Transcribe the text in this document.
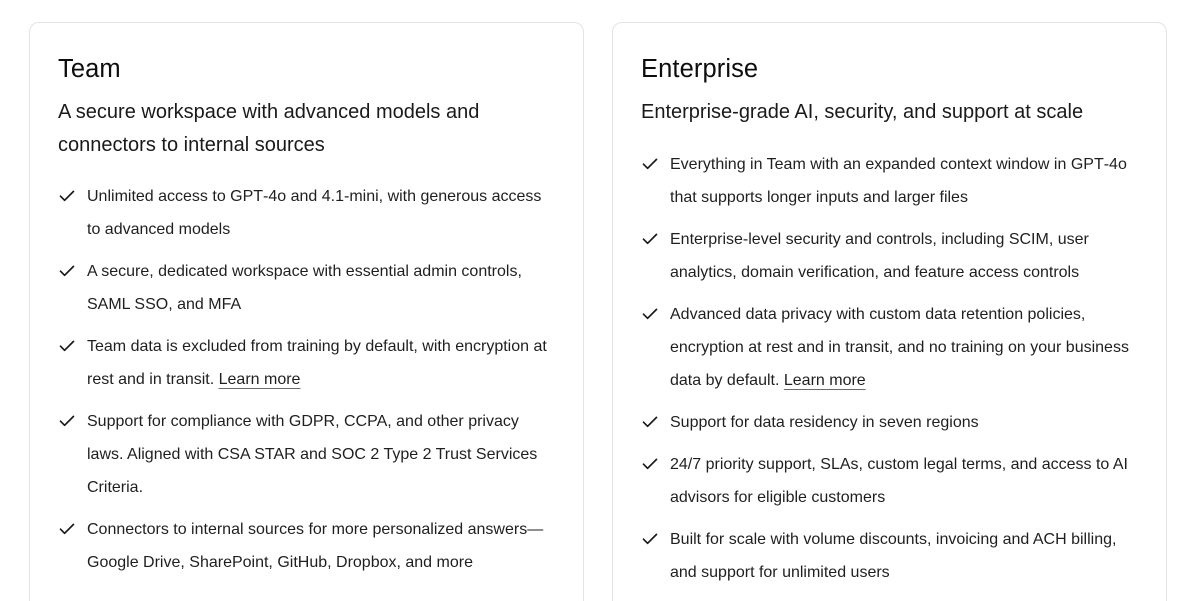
Team

A secure workspace with advanced models and connectors to internal sources

Unlimited access to GPT‑4o and 4.1‑mini, with generous access to advanced models
A secure, dedicated workspace with essential admin controls, SAML SSO, and MFA
Team data is excluded from training by default, with encryption at rest and in transit. Learn more
Support for compliance with GDPR, CCPA, and other privacy laws. Aligned with CSA STAR and SOC 2 Type 2 Trust Services Criteria.
Connectors to internal sources for more personalized answers—Google Drive, SharePoint, GitHub, Dropbox, and more
Enterprise

Enterprise‑grade AI, security, and support at scale

Everything in Team with an expanded context window in GPT‑4o that supports longer inputs and larger files
Enterprise‑level security and controls, including SCIM, user analytics, domain verification, and feature access controls
Advanced data privacy with custom data retention policies, encryption at rest and in transit, and no training on your business data by default. Learn more
Support for data residency in seven regions
24/7 priority support, SLAs, custom legal terms, and access to AI advisors for eligible customers
Built for scale with volume discounts, invoicing and ACH billing, and support for unlimited users
